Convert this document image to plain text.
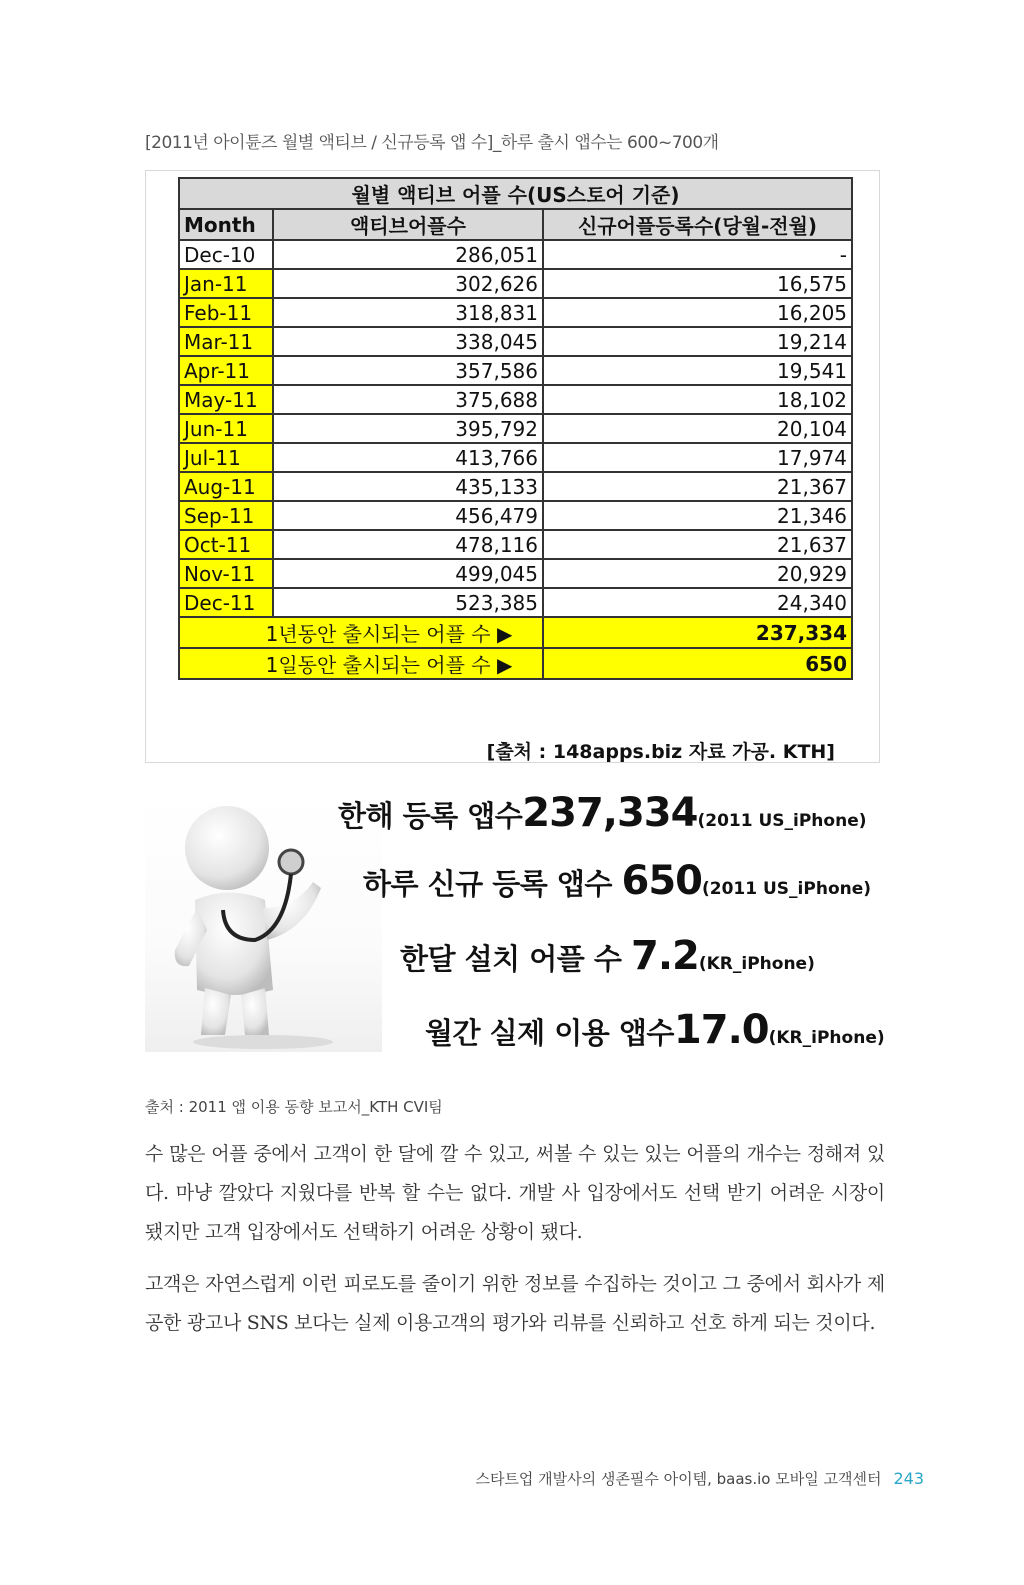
[2011년 아이튠즈 월별 액티브 / 신규등록 앱 수]_하루 출시 앱수는 600~700개
월별 액티브 어플 수(US스토어 기준)		
Month	액티브어플수	신규어플등록수(당월-전월)
Dec-10	286,051	-
Jan-11	302,626	16,575
Feb-11	318,831	16,205
Mar-11	338,045	19,214
Apr-11	357,586	19,541
May-11	375,688	18,102
Jun-11	395,792	20,104
Jul-11	413,766	17,974
Aug-11	435,133	21,367
Sep-11	456,479	21,346
Oct-11	478,116	21,637
Nov-11	499,045	20,929
Dec-11	523,385	24,340
1년동안 출시되는 어플 수 ▶		237,334
1일동안 출시되는 어플 수 ▶		650
[출처 : 148apps.biz 자료 가공. KTH]
한해 등록 앱수237,334(2011 US_iPhone)
하루 신규 등록 앱수 650(2011 US_iPhone)
한달 설치 어플 수 7.2(KR_iPhone)
월간 실제 이용 앱수17.0(KR_iPhone)
출처 : 2011 앱 이용 동향 보고서_KTH CVI팀

수 많은 어플 중에서 고객이 한 달에 깔 수 있고, 써볼 수 있는 있는 어플의 개수는 정해져 있다. 마냥 깔았다 지웠다를 반복 할 수는 없다. 개발 사 입장에서도 선택 받기 어려운 시장이 됐지만 고객 입장에서도 선택하기 어려운 상황이 됐다.

고객은 자연스럽게 이런 피로도를 줄이기 위한 정보를 수집하는 것이고 그 중에서 회사가 제공한 광고나 SNS 보다는 실제 이용고객의 평가와 리뷰를 신뢰하고 선호 하게 되는 것이다.

스타트업 개발사의 생존필수 아이템, baas.io 모바일 고객센터 243
